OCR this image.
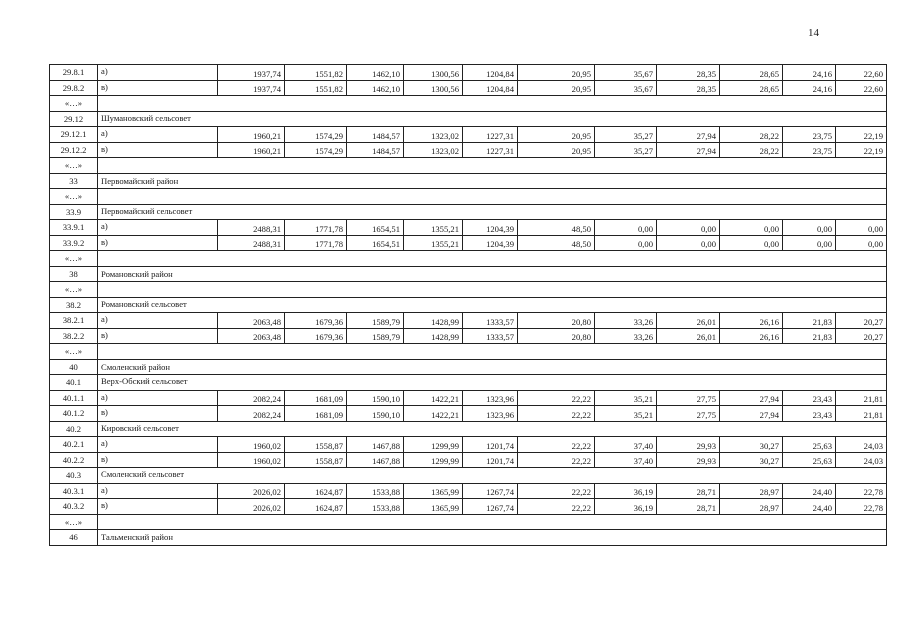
14
29.8.1	а)	1937,74	1551,82	1462,10	1300,56	1204,84	20,95	35,67	28,35	28,65	24,16	22,60
29.8.2	в)	1937,74	1551,82	1462,10	1300,56	1204,84	20,95	35,67	28,35	28,65	24,16	22,60
«…»												
29.12	Шумановский сельсовет											
29.12.1	а)	1960,21	1574,29	1484,57	1323,02	1227,31	20,95	35,27	27,94	28,22	23,75	22,19
29.12.2	в)	1960,21	1574,29	1484,57	1323,02	1227,31	20,95	35,27	27,94	28,22	23,75	22,19
«…»												
33	Первомайский район											
«…»												
33.9	Первомайский сельсовет											
33.9.1	а)	2488,31	1771,78	1654,51	1355,21	1204,39	48,50	0,00	0,00	0,00	0,00	0,00
33.9.2	в)	2488,31	1771,78	1654,51	1355,21	1204,39	48,50	0,00	0,00	0,00	0,00	0,00
«…»												
38	Романовский район											
«…»												
38.2	Романовский сельсовет											
38.2.1	а)	2063,48	1679,36	1589,79	1428,99	1333,57	20,80	33,26	26,01	26,16	21,83	20,27
38.2.2	в)	2063,48	1679,36	1589,79	1428,99	1333,57	20,80	33,26	26,01	26,16	21,83	20,27
«…»												
40	Смоленский район											
40.1	Верх-Обский сельсовет											
40.1.1	а)	2082,24	1681,09	1590,10	1422,21	1323,96	22,22	35,21	27,75	27,94	23,43	21,81
40.1.2	в)	2082,24	1681,09	1590,10	1422,21	1323,96	22,22	35,21	27,75	27,94	23,43	21,81
40.2	Кировский сельсовет											
40.2.1	а)	1960,02	1558,87	1467,88	1299,99	1201,74	22,22	37,40	29,93	30,27	25,63	24,03
40.2.2	в)	1960,02	1558,87	1467,88	1299,99	1201,74	22,22	37,40	29,93	30,27	25,63	24,03
40.3	Смоленский сельсовет											
40.3.1	а)	2026,02	1624,87	1533,88	1365,99	1267,74	22,22	36,19	28,71	28,97	24,40	22,78
40.3.2	в)	2026,02	1624,87	1533,88	1365,99	1267,74	22,22	36,19	28,71	28,97	24,40	22,78
«…»												
46	Тальменский район											
